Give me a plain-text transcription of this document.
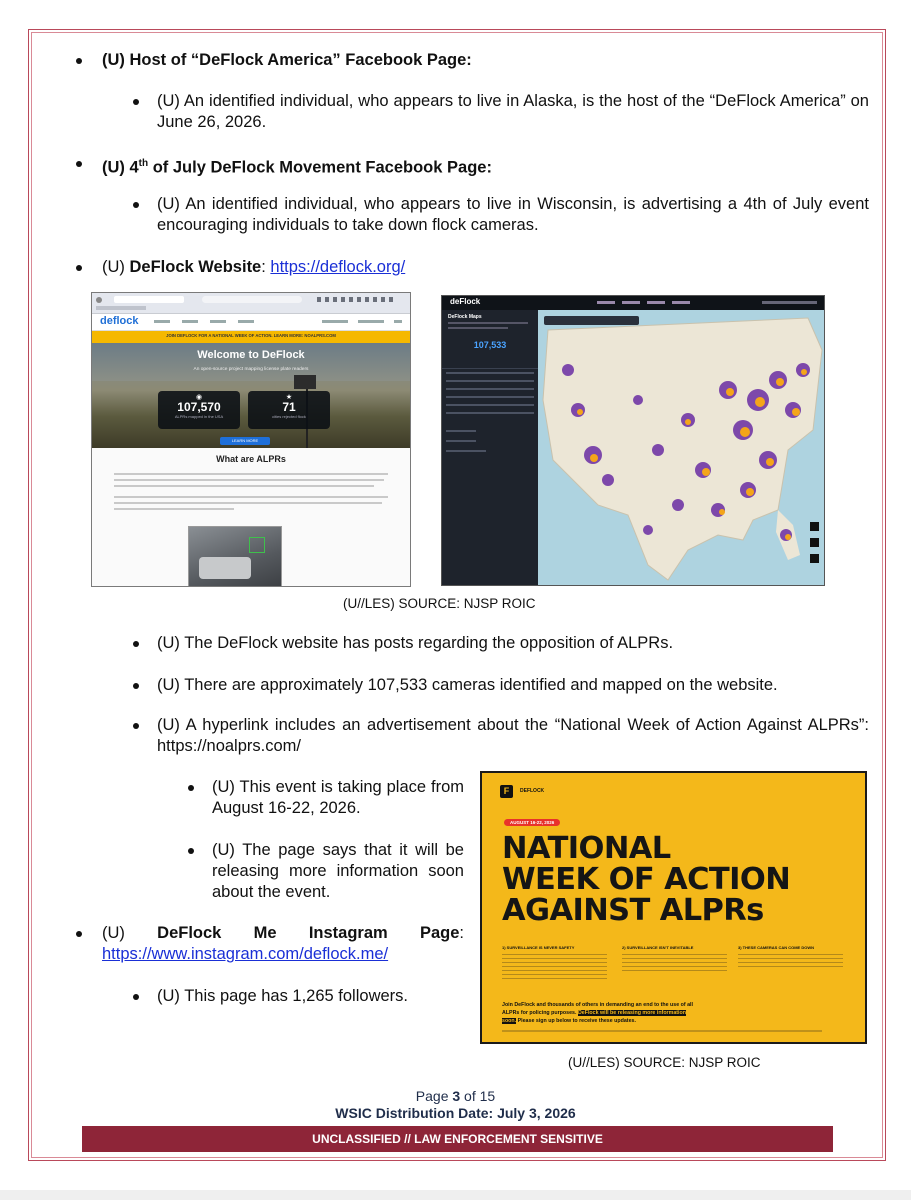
(U) Host of “DeFlock America” Facebook Page:
(U) An identified individual, who appears to live in Alaska, is the host of the “DeFlock America” on June 26, 2026.
(U) 4th of July DeFlock Movement Facebook Page:
(U) An identified individual, who appears to live in Wisconsin, is advertising a 4th of July event encouraging individuals to take down flock cameras.
(U) DeFlock Website: https://deflock.org/
deflock
JOIN DEFLOCK FOR A NATIONAL WEEK OF ACTION. LEARN MORE: NOALPRS.COM
Welcome to DeFlock
An open-source project mapping license plate readers
◉
107,570
ALPRs mapped in the USA
★
71
cities rejected flock
LEARN MORE
What are ALPRs
deFlock
DeFlock Maps
107,533
(U//LES) SOURCE: NJSP ROIC
(U) The DeFlock website has posts regarding the opposition of ALPRs.
(U) There are approximately 107,533 cameras identified and mapped on the website.
(U) A hyperlink includes an advertisement about the “National Week of Action Against ALPRs”: https://noalprs.com/
(U) This event is taking place from August 16-22, 2026.
(U) The page says that it will be releasing more information soon about the event.
(U) DeFlock Me Instagram Page:
https://www.instagram.com/deflock.me/
(U) This page has 1,265 followers.
F	DEFLOCK
AUGUST 16-22, 2026
NATIONAL
WEEK OF ACTION
AGAINST ALPRs
1) SURVEILLANCE IS NEVER SAFETY	2) SURVEILLANCE ISN'T INEVITABLE	3) THESE CAMERAS CAN COME DOWN
Join DeFlock and thousands of others in demanding an end to the use of all
ALPRs for policing purposes. DeFlock will be releasing more information
soon. Please sign up below to receive these updates.
(U//LES) SOURCE: NJSP ROIC
Page 3 of 15
WSIC Distribution Date: July 3, 2026
UNCLASSIFIED // LAW ENFORCEMENT SENSITIVE
